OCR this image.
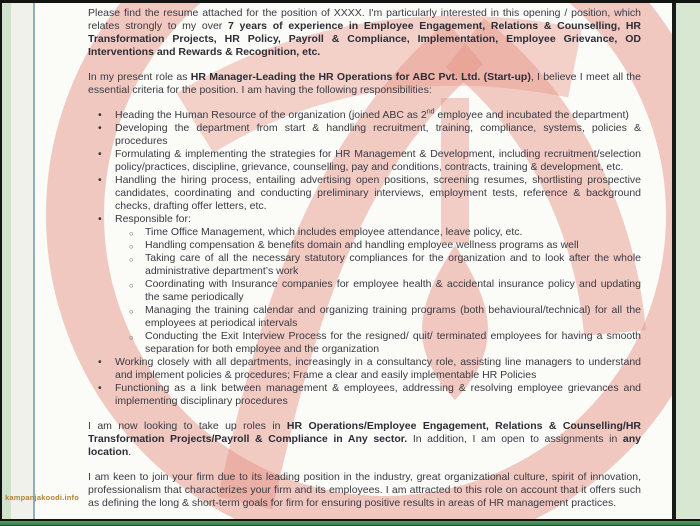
Please find the resume attached for the position of XXXX. I'm particularly interested in this opening / position, which relates strongly to my over 7 years of experience in Employee Engagement, Relations & Counselling, HR Transformation Projects, HR Policy, Payroll & Compliance, Implementation, Employee Grievance, OD Interventions and Rewards & Recognition, etc.

In my present role as HR Manager-Leading the HR Operations for ABC Pvt. Ltd. (Start-up), I believe I meet all the essential criteria for the position. I am having the following responsibilities:

• Heading the Human Resource of the organization (joined ABC as 2nd employee and incubated the department)
• Developing the department from start & handling recruitment, training, compliance, systems, policies & procedures
• Formulating & implementing the strategies for HR Management & Development, including recruitment/selection policy/practices, discipline, grievance, counselling, pay and conditions, contracts, training & development, etc.
• Handling the hiring process, entailing advertising open positions, screening resumes, shortlisting prospective candidates, coordinating and conducting preliminary interviews, employment tests, reference & background checks, drafting offer letters, etc.
• Responsible for:
○ Time Office Management, which includes employee attendance, leave policy, etc.
○ Handling compensation & benefits domain and handling employee wellness programs as well
○ Taking care of all the necessary statutory compliances for the organization and to look after the whole administrative department’s work
○ Coordinating with Insurance companies for employee health & accidental insurance policy and updating the same periodically
○ Managing the training calendar and organizing training programs (both behavioural/technical) for all the employees at periodical intervals
○ Conducting the Exit Interview Process for the resigned/ quit/ terminated employees for having a smooth separation for both employee and the organization
• Working closely with all departments, increasingly in a consultancy role, assisting line managers to understand and implement policies & procedures; Frame a clear and easily implementable HR Policies
• Functioning as a link between management & employees, addressing & resolving employee grievances and implementing disciplinary procedures

I am now looking to take up roles in HR Operations/Employee Engagement, Relations & Counselling/HR Transformation Projects/Payroll & Compliance in Any sector. In addition, I am open to assignments in any location.

I am keen to join your firm due to its leading position in the industry, great organizational culture, spirit of innovation, professionalism that characterizes your firm and its employees. I am attracted to this role on account that it offers such as defining the long & short-term goals for firm for ensuring positive results in areas of HR management practices.

kampanjakoodi.info
